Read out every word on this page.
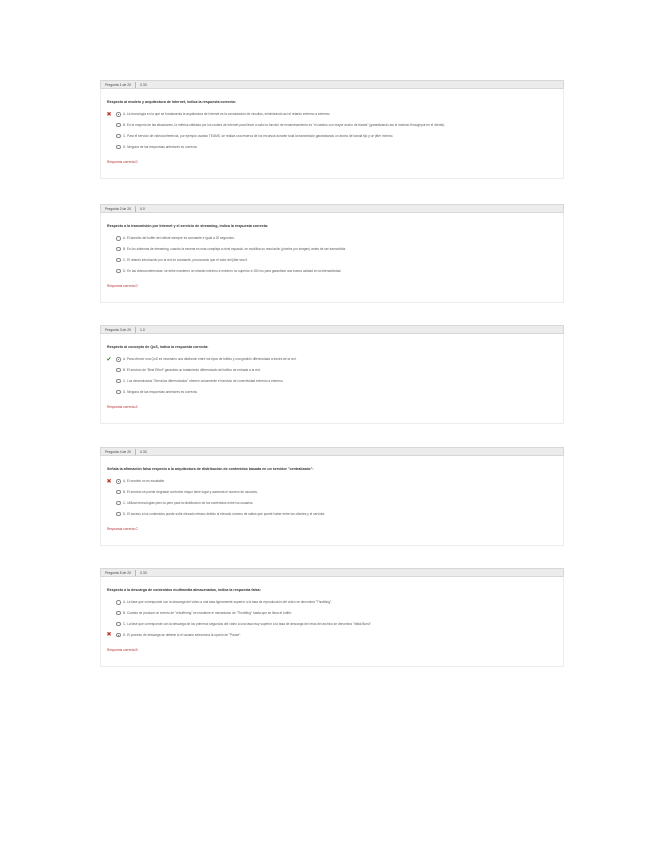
Pregunta 1 de 20	0.33
Respecto al modelo y arquitectura de Internet, indica la respuesta correcta:
✖	A. La tecnología en la que se fundamenta la arquitectura de Internet es la conmutación de circuitos, minimizando así el retardo extremo a extremo.
B. En la mayoría de las situaciones, la métrica utilizada por los routers de Internet para llevar a cabo la función de encaminamiento es "el camino con mayor ancho de banda" (garantizando así el máximo throughput en el cliente).
C. Para el servicio de videoconferencia, por ejemplo usando TEAMS, se realiza una reserva de los recursos durante toda la transmisión garantizando un ancho de banda fijo y un jitter mínimo.
D. Ninguna de las respuestas anteriores es correcta.
Respuesta correcta D
Pregunta 2 de 20	0.0
Respecto a la transmisión por Internet y el servicio de streaming, indica la respuesta correcta:
A. El tamaño del buffer del cliente siempre es constante e igual a 20 segundos.
B. En los sistemas de streaming, cuando la escena es más compleja a nivel espacial, se modifica su resolución (píxeles por imagen) antes de ser transmitida.
C. El retardo introducido por la red es constante, provocando que el valor del jitter sea 0.
D. En las videoconferencias, se debe mantener un retardo extremo a extremo no superior a 150 ms para garantizar una buena calidad en la interactividad.
Respuesta correcta D
Pregunta 3 de 20	1.0
Respecto al concepto de QoS, indica la respuesta correcta:
✔	A. Para ofrecer una QoS es necesario una distinción entre los tipos de tráfico y una gestión diferenciada a través de la red.
B. El servicio de "Best Effort" garantiza un tratamiento diferenciado del tráfico de entrada a la red.
C. Los denominados "Servicios diferenciados" ofrecen únicamente el servicio de conectividad extremo a extremo.
D. Ninguna de las respuestas anteriores es correcta.
Respuesta correcta A
Pregunta 4 de 20	0.33
Señala la afirmación falsa respecto a la arquitectura de distribución de contenidos basada en un servidor "centralizado":
✖	A. El modelo no es escalable.
B. El servicio se puede degradar conforme mayor tiene lugar y aumenta el número de usuarios.
C. Utilizan tecnologías peer-to-peer para la distribución de los contenidos entre los usuarios.
D. El acceso a los contenidos puede sufrir elevado retraso debido al elevado número de saltos que puede haber entre los clientes y el servidor.
Respuesta correcta C
Pregunta 5 de 20	0.33
Respecto a la descarga de contenidos multimedia almacenados, indica la respuesta falsa:
A. La fase que corresponde con la descarga del vídeo a una tasa ligeramente superior a la tasa de reproducción del vídeo se denomina "Throttling".
B. Cuando se produce un evento de "rebuffering" se mantiene el mecanismo de "Throttling" hasta que se llena el buffer.
C. La fase que corresponde con la descarga de los primeros segundos del vídeo a una tasa muy superior a la tasa de descarga del resto del archivo se denomina "Initial Burst".
✖	D. El proceso de descarga se detiene si el usuario selecciona la opción de "Pause".
Respuesta correcta B
